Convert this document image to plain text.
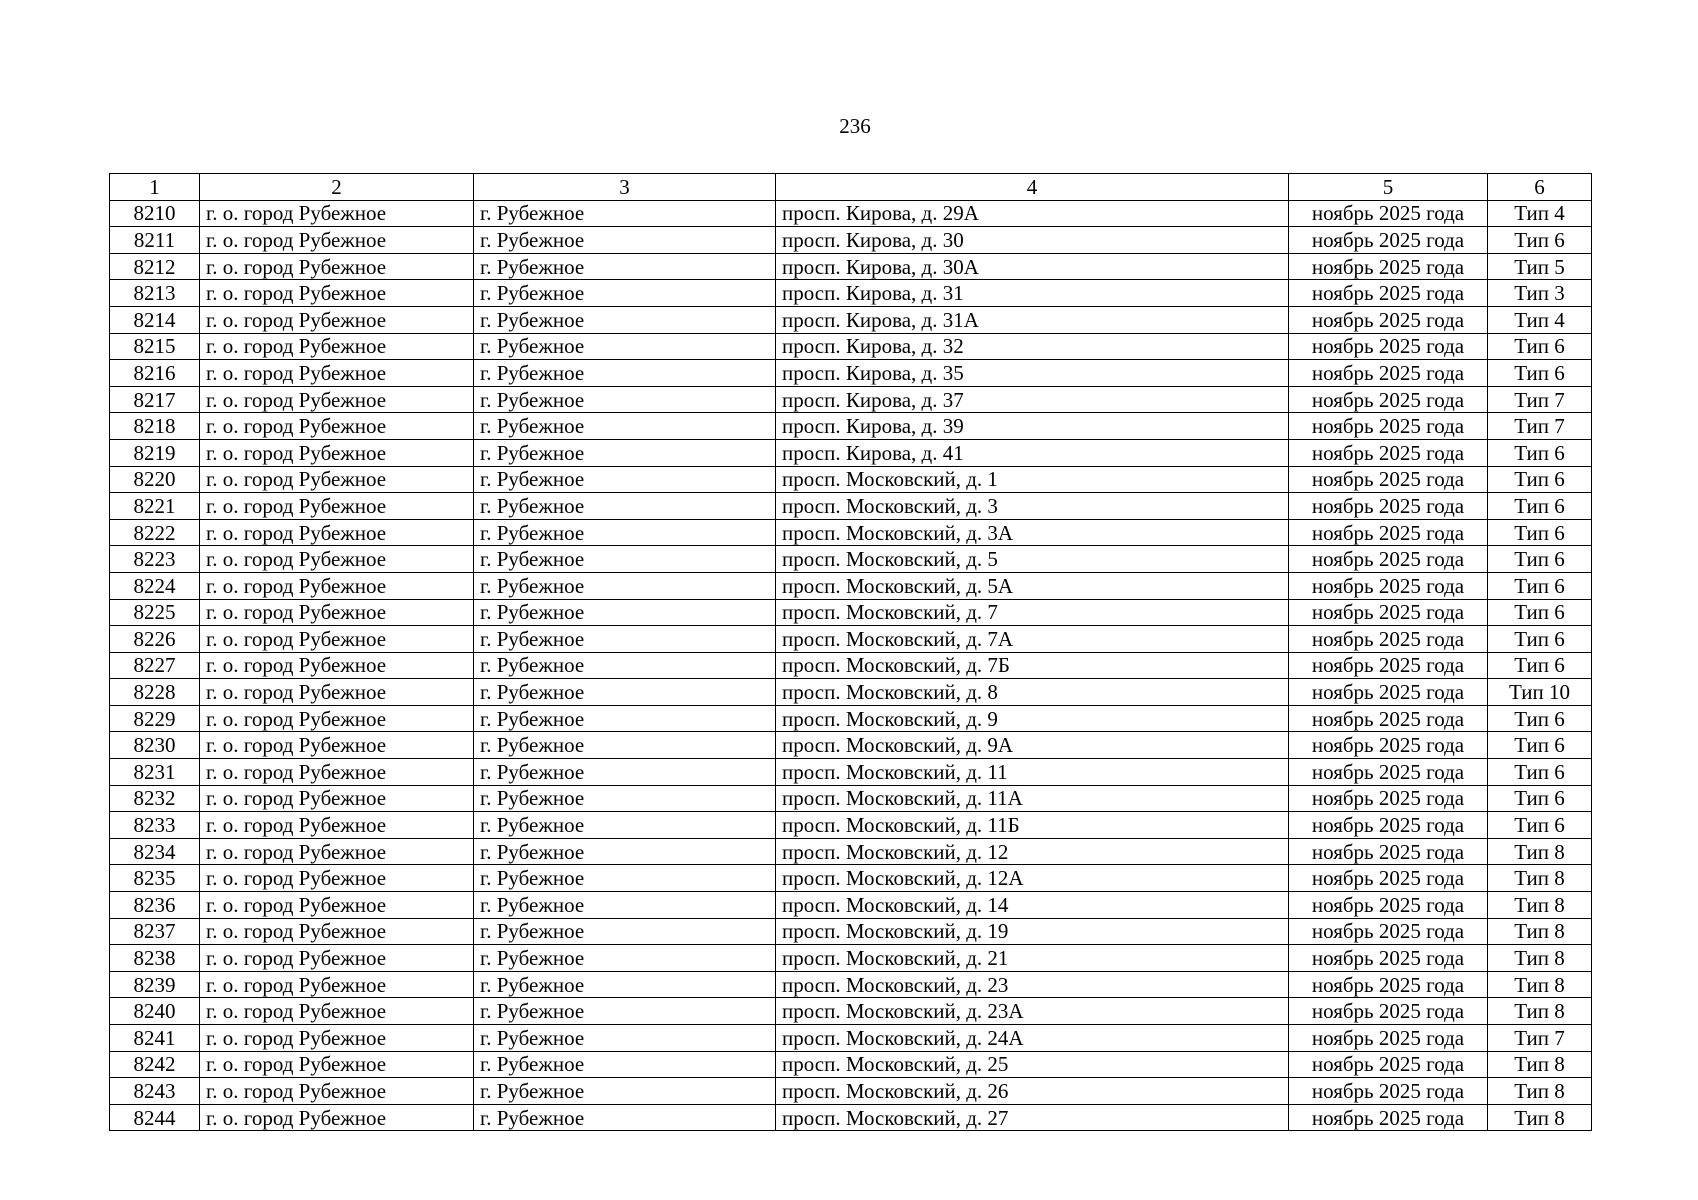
236
1	2	3	4	5	6
8210	г. о. город Рубежное	г. Рубежное	просп. Кирова, д. 29А	ноябрь 2025 года	Тип 4
8211	г. о. город Рубежное	г. Рубежное	просп. Кирова, д. 30	ноябрь 2025 года	Тип 6
8212	г. о. город Рубежное	г. Рубежное	просп. Кирова, д. 30А	ноябрь 2025 года	Тип 5
8213	г. о. город Рубежное	г. Рубежное	просп. Кирова, д. 31	ноябрь 2025 года	Тип 3
8214	г. о. город Рубежное	г. Рубежное	просп. Кирова, д. 31А	ноябрь 2025 года	Тип 4
8215	г. о. город Рубежное	г. Рубежное	просп. Кирова, д. 32	ноябрь 2025 года	Тип 6
8216	г. о. город Рубежное	г. Рубежное	просп. Кирова, д. 35	ноябрь 2025 года	Тип 6
8217	г. о. город Рубежное	г. Рубежное	просп. Кирова, д. 37	ноябрь 2025 года	Тип 7
8218	г. о. город Рубежное	г. Рубежное	просп. Кирова, д. 39	ноябрь 2025 года	Тип 7
8219	г. о. город Рубежное	г. Рубежное	просп. Кирова, д. 41	ноябрь 2025 года	Тип 6
8220	г. о. город Рубежное	г. Рубежное	просп. Московский, д. 1	ноябрь 2025 года	Тип 6
8221	г. о. город Рубежное	г. Рубежное	просп. Московский, д. 3	ноябрь 2025 года	Тип 6
8222	г. о. город Рубежное	г. Рубежное	просп. Московский, д. 3А	ноябрь 2025 года	Тип 6
8223	г. о. город Рубежное	г. Рубежное	просп. Московский, д. 5	ноябрь 2025 года	Тип 6
8224	г. о. город Рубежное	г. Рубежное	просп. Московский, д. 5А	ноябрь 2025 года	Тип 6
8225	г. о. город Рубежное	г. Рубежное	просп. Московский, д. 7	ноябрь 2025 года	Тип 6
8226	г. о. город Рубежное	г. Рубежное	просп. Московский, д. 7А	ноябрь 2025 года	Тип 6
8227	г. о. город Рубежное	г. Рубежное	просп. Московский, д. 7Б	ноябрь 2025 года	Тип 6
8228	г. о. город Рубежное	г. Рубежное	просп. Московский, д. 8	ноябрь 2025 года	Тип 10
8229	г. о. город Рубежное	г. Рубежное	просп. Московский, д. 9	ноябрь 2025 года	Тип 6
8230	г. о. город Рубежное	г. Рубежное	просп. Московский, д. 9А	ноябрь 2025 года	Тип 6
8231	г. о. город Рубежное	г. Рубежное	просп. Московский, д. 11	ноябрь 2025 года	Тип 6
8232	г. о. город Рубежное	г. Рубежное	просп. Московский, д. 11А	ноябрь 2025 года	Тип 6
8233	г. о. город Рубежное	г. Рубежное	просп. Московский, д. 11Б	ноябрь 2025 года	Тип 6
8234	г. о. город Рубежное	г. Рубежное	просп. Московский, д. 12	ноябрь 2025 года	Тип 8
8235	г. о. город Рубежное	г. Рубежное	просп. Московский, д. 12А	ноябрь 2025 года	Тип 8
8236	г. о. город Рубежное	г. Рубежное	просп. Московский, д. 14	ноябрь 2025 года	Тип 8
8237	г. о. город Рубежное	г. Рубежное	просп. Московский, д. 19	ноябрь 2025 года	Тип 8
8238	г. о. город Рубежное	г. Рубежное	просп. Московский, д. 21	ноябрь 2025 года	Тип 8
8239	г. о. город Рубежное	г. Рубежное	просп. Московский, д. 23	ноябрь 2025 года	Тип 8
8240	г. о. город Рубежное	г. Рубежное	просп. Московский, д. 23А	ноябрь 2025 года	Тип 8
8241	г. о. город Рубежное	г. Рубежное	просп. Московский, д. 24А	ноябрь 2025 года	Тип 7
8242	г. о. город Рубежное	г. Рубежное	просп. Московский, д. 25	ноябрь 2025 года	Тип 8
8243	г. о. город Рубежное	г. Рубежное	просп. Московский, д. 26	ноябрь 2025 года	Тип 8
8244	г. о. город Рубежное	г. Рубежное	просп. Московский, д. 27	ноябрь 2025 года	Тип 8
